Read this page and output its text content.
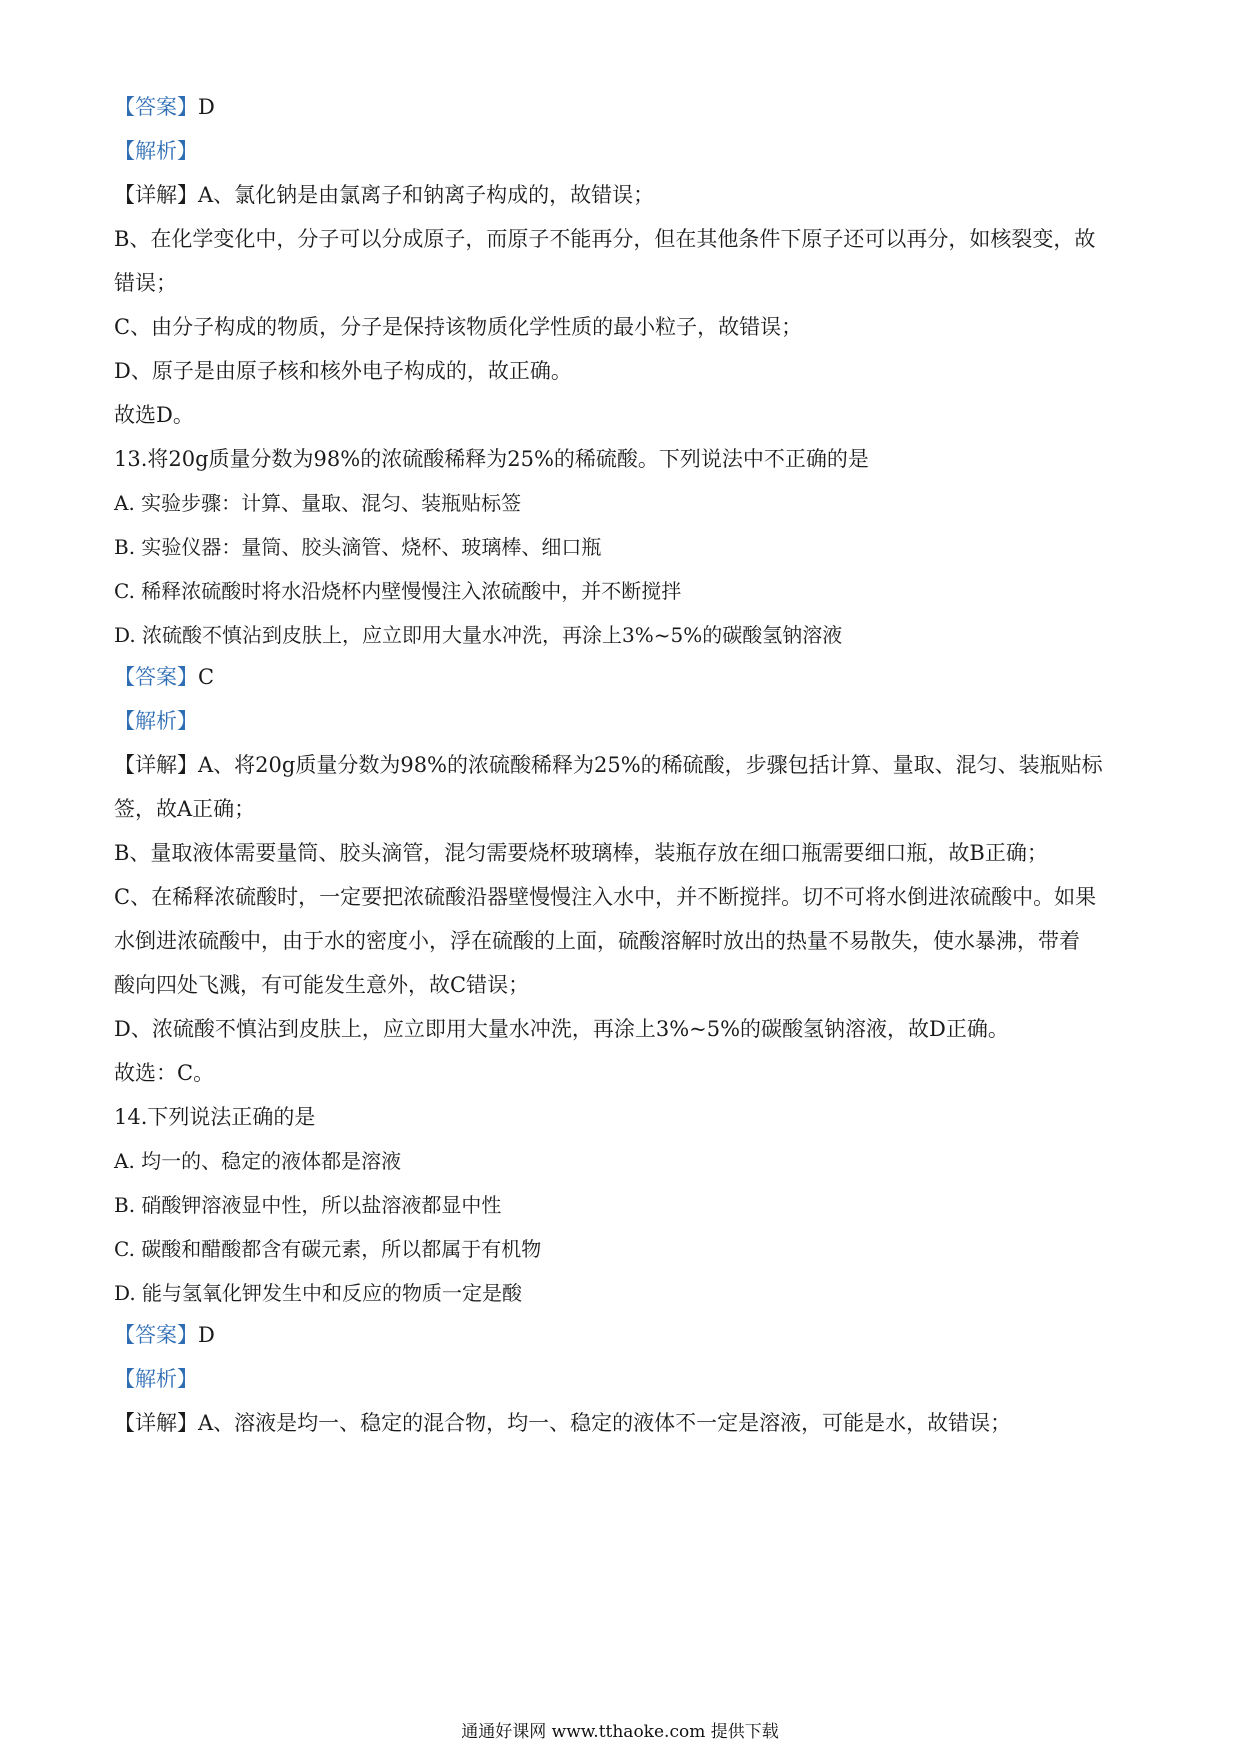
【答案】D
【解析】
【详解】A、氯化钠是由氯离子和钠离子构成的，故错误；
B、在化学变化中，分子可以分成原子，而原子不能再分，但在其他条件下原子还可以再分，如核裂变，故
错误；
C、由分子构成的物质，分子是保持该物质化学性质的最小粒子，故错误；
D、原子是由原子核和核外电子构成的，故正确。
故选D。
13.将20g质量分数为98%的浓硫酸稀释为25%的稀硫酸。下列说法中不正确的是
A. 实验步骤：计算、量取、混匀、装瓶贴标签
B. 实验仪器：量筒、胶头滴管、烧杯、玻璃棒、细口瓶
C. 稀释浓硫酸时将水沿烧杯内壁慢慢注入浓硫酸中，并不断搅拌
D. 浓硫酸不慎沾到皮肤上，应立即用大量水冲洗，再涂上3%~5%的碳酸氢钠溶液
【答案】C
【解析】
【详解】A、将20g质量分数为98%的浓硫酸稀释为25%的稀硫酸，步骤包括计算、量取、混匀、装瓶贴标
签，故A正确；
B、量取液体需要量筒、胶头滴管，混匀需要烧杯玻璃棒，装瓶存放在细口瓶需要细口瓶，故B正确；
C、在稀释浓硫酸时，一定要把浓硫酸沿器壁慢慢注入水中，并不断搅拌。切不可将水倒进浓硫酸中。如果
水倒进浓硫酸中，由于水的密度小，浮在硫酸的上面，硫酸溶解时放出的热量不易散失，使水暴沸，带着
酸向四处飞溅，有可能发生意外，故C错误；
D、浓硫酸不慎沾到皮肤上，应立即用大量水冲洗，再涂上3%~5%的碳酸氢钠溶液，故D正确。
故选：C。
14.下列说法正确的是
A. 均一的、稳定的液体都是溶液
B. 硝酸钾溶液显中性，所以盐溶液都显中性
C. 碳酸和醋酸都含有碳元素，所以都属于有机物
D. 能与氢氧化钾发生中和反应的物质一定是酸
【答案】D
【解析】
【详解】A、溶液是均一、稳定的混合物，均一、稳定的液体不一定是溶液，可能是水，故错误；
通通好课网 www.tthaoke.com 提供下载
